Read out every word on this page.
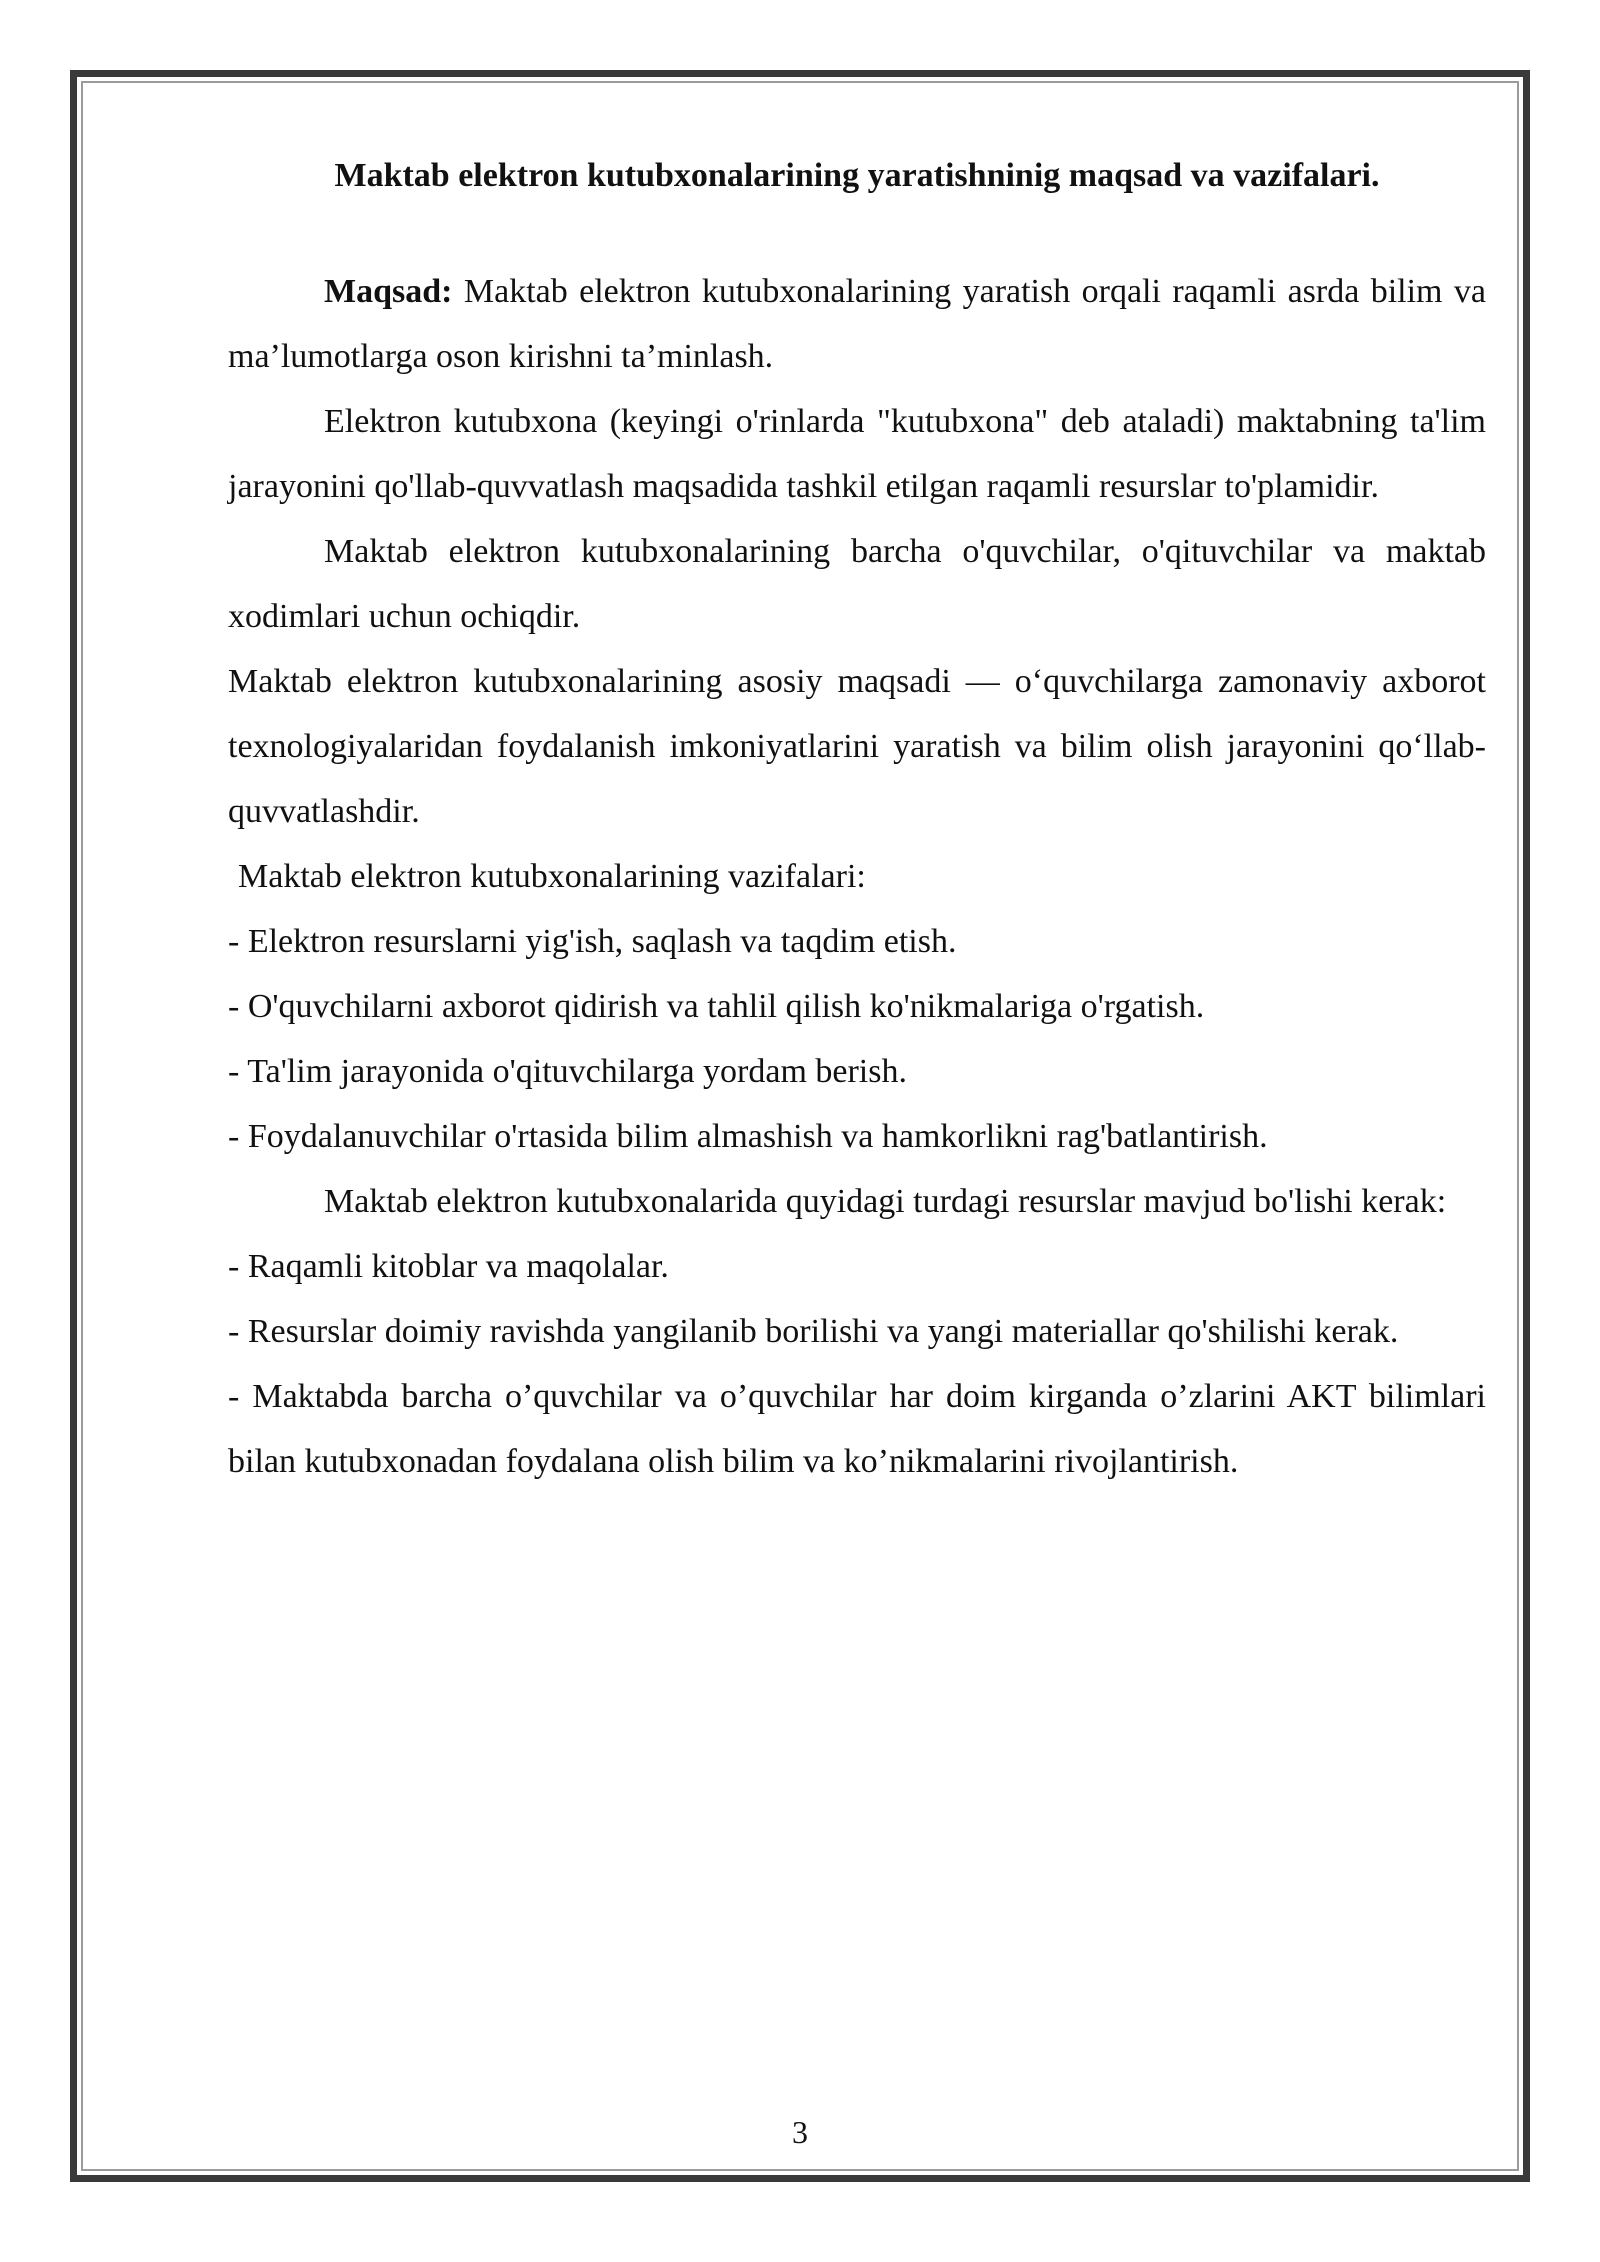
Maktab elektron kutubxonalarining yaratishninig maqsad va vazifalari.

Maqsad: Maktab elektron kutubxonalarining yaratish orqali raqamli asrda bilim va ma’lumotlarga oson kirishni ta’minlash.

Elektron kutubxona (keyingi o'rinlarda "kutubxona" deb ataladi) maktabning ta'lim jarayonini qo'llab-quvvatlash maqsadida tashkil etilgan raqamli resurslar to'plamidir.

Maktab elektron kutubxonalarining barcha o'quvchilar, o'qituvchilar va maktab xodimlari uchun ochiqdir.

Maktab elektron kutubxonalarining asosiy maqsadi — o‘quvchilarga zamonaviy axborot texnologiyalaridan foydalanish imkoniyatlarini yaratish va bilim olish jarayonini qo‘llab-quvvatlashdir.

Maktab elektron kutubxonalarining vazifalari:

- Elektron resurslarni yig'ish, saqlash va taqdim etish.

- O'quvchilarni axborot qidirish va tahlil qilish ko'nikmalariga o'rgatish.

- Ta'lim jarayonida o'qituvchilarga yordam berish.

- Foydalanuvchilar o'rtasida bilim almashish va hamkorlikni rag'batlantirish.

Maktab elektron kutubxonalarida quyidagi turdagi resurslar mavjud bo'lishi kerak:

- Raqamli kitoblar va maqolalar.

- Resurslar doimiy ravishda yangilanib borilishi va yangi materiallar qo'shilishi kerak.

- Maktabda barcha o’quvchilar va o’quvchilar har doim kirganda o’zlarini AKT bilimlari bilan kutubxonadan foydalana olish bilim va ko’nikmalarini rivojlantirish.

3
